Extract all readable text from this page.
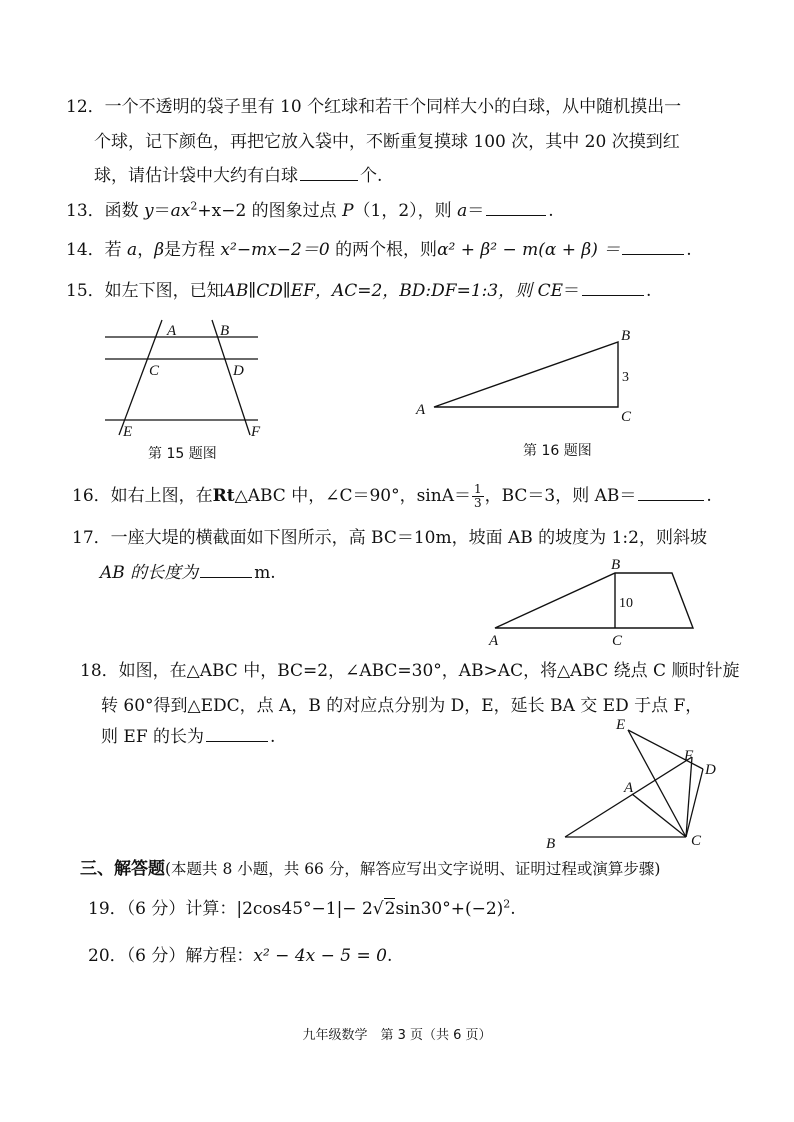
12．一个不透明的袋子里有 10 个红球和若干个同样大小的白球，从中随机摸出一
个球，记下颜色，再把它放入袋中，不断重复摸球 100 次，其中 20 次摸到红
球，请估计袋中大约有白球	个.
13．函数 $y=ax^2+x-2$ 的图象过点 P（1，2），则 a＝	.
14．若 a，β是方程 x²−mx−2＝0 的两个根，则α² + β² − m(α + β) ＝	.
15．如左下图，已知AB∥CD∥EF，AC=2，BD:DF=1:3，则 CE＝	.
A	B
C	D
E	F
第 15 题图
A
B
C
3
第 16 题图
16．如右上图，在Rt△ABC 中，∠C＝90°，$\sin A= \frac{1}{3}$ ，BC＝3，则 AB＝	.
17．一座大堤的横截面如下图所示，高 BC＝10m，坡面 AB 的坡度为 1:2，则斜坡
AB 的长度为	m.	B
A	C
10
18．如图，在△ABC 中，BC=2，∠ABC=30°，AB>AC，将△ABC 绕点 C 顺时针旋
转 60°得到△EDC，点 A，B 的对应点分别为 D，E，延长 BA 交 ED 于点 F，
则 EF 的长为	.
E
F
D
A
B	C
三、解答题(本题共 8 小题，共 66 分，解答应写出文字说明、证明过程或演算步骤)
19．（6 分）计算：$|2\cos 45^\circ-1|- 2√2\sin 30^\circ+(-2)^2$.
20．（6 分）解方程：x² − 4x − 5 = 0.
九年级数学　第 3 页（共 6 页）
